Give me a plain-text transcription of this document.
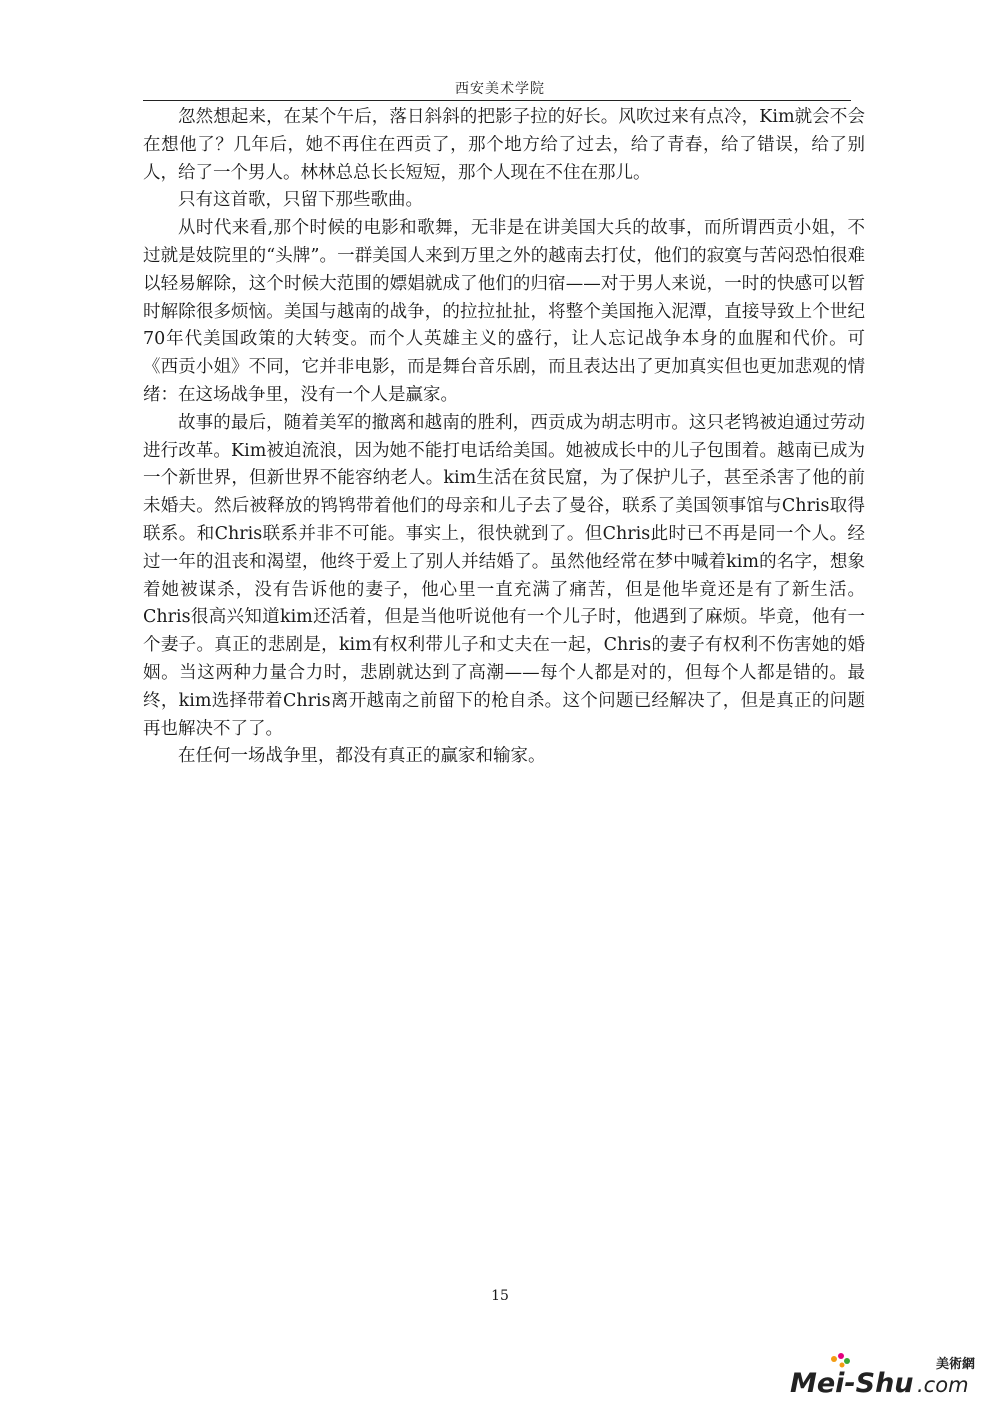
西安美术学院

忽然想起来，在某个午后，落日斜斜的把影子拉的好长。风吹过来有点冷，Kim就会不会在想他了？几年后，她不再住在西贡了，那个地方给了过去，给了青春，给了错误，给了别人，给了一个男人。林林总总长长短短，那个人现在不住在那儿。

只有这首歌，只留下那些歌曲。

从时代来看,那个时候的电影和歌舞，无非是在讲美国大兵的故事，而所谓西贡小姐，不过就是妓院里的“头牌”。一群美国人来到万里之外的越南去打仗，他们的寂寞与苦闷恐怕很难以轻易解除，这个时候大范围的嫖娼就成了他们的归宿——对于男人来说，一时的快感可以暂时解除很多烦恼。美国与越南的战争，的拉拉扯扯，将整个美国拖入泥潭，直接导致上个世纪70年代美国政策的大转变。而个人英雄主义的盛行，让人忘记战争本身的血腥和代价。可《西贡小姐》不同，它并非电影，而是舞台音乐剧，而且表达出了更加真实但也更加悲观的情绪：在这场战争里，没有一个人是赢家。

故事的最后，随着美军的撤离和越南的胜利，西贡成为胡志明市。这只老鸨被迫通过劳动进行改革。Kim被迫流浪，因为她不能打电话给美国。她被成长中的儿子包围着。越南已成为一个新世界，但新世界不能容纳老人。kim生活在贫民窟，为了保护儿子，甚至杀害了他的前未婚夫。然后被释放的鸨鸨带着他们的母亲和儿子去了曼谷，联系了美国领事馆与Chris取得联系。和Chris联系并非不可能。事实上，很快就到了。但Chris此时已不再是同一个人。经过一年的沮丧和渴望，他终于爱上了别人并结婚了。虽然他经常在梦中喊着kim的名字，想象着她被谋杀，没有告诉他的妻子，他心里一直充满了痛苦，但是他毕竟还是有了新生活。Chris很高兴知道kim还活着，但是当他听说他有一个儿子时，他遇到了麻烦。毕竟，他有一个妻子。真正的悲剧是，kim有权利带儿子和丈夫在一起，Chris的妻子有权利不伤害她的婚姻。当这两种力量合力时，悲剧就达到了高潮——每个人都是对的，但每个人都是错的。最终，kim选择带着Chris离开越南之前留下的枪自杀。这个问题已经解决了，但是真正的问题再也解决不了了。

在任何一场战争里，都没有真正的赢家和输家。

15
美術網
Mei-Shu .com
